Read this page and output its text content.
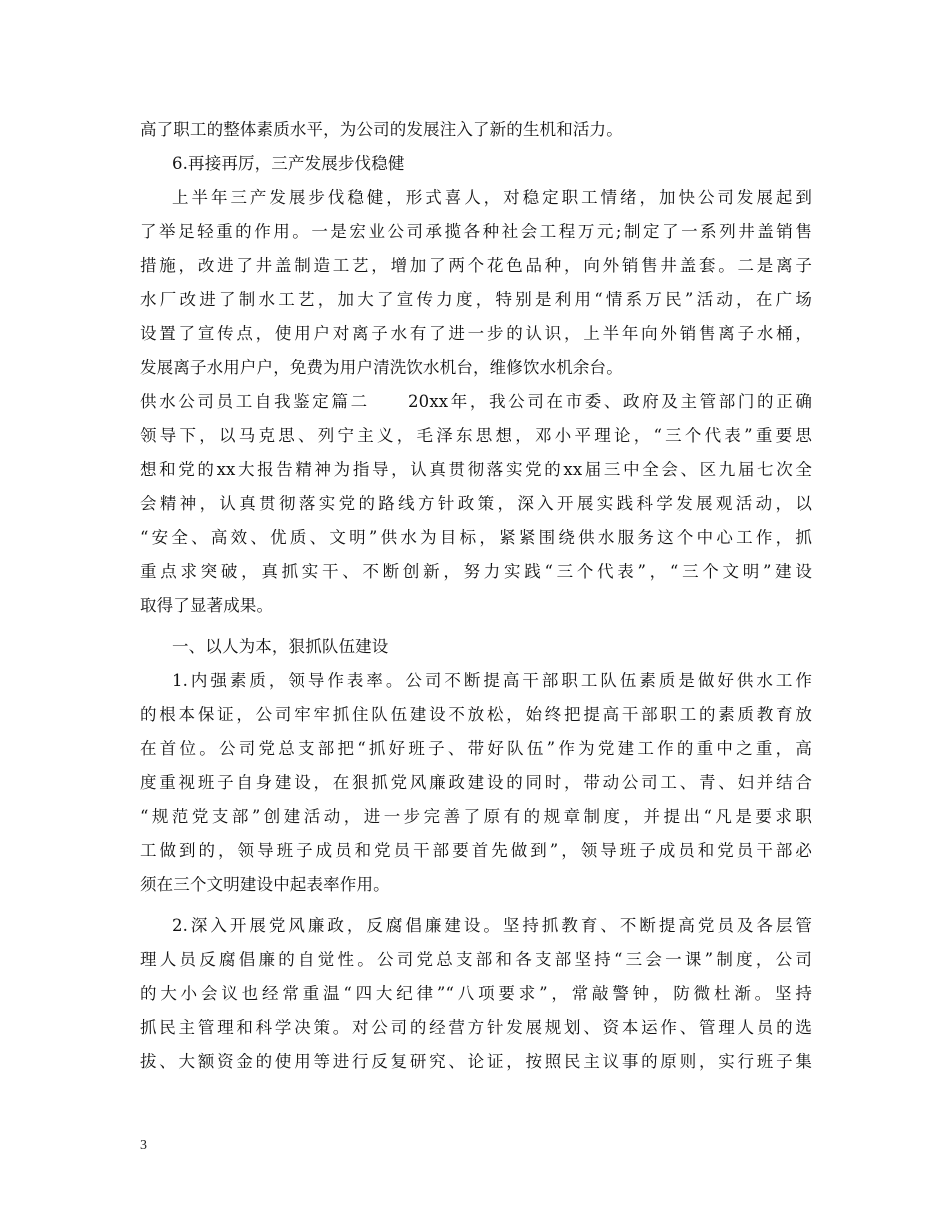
高了职工的整体素质水平，为公司的发展注入了新的生机和活力。
6.再接再厉，三产发展步伐稳健
上半年三产发展步伐稳健，形式喜人，对稳定职工情绪，加快公司发展起到
了举足轻重的作用。一是宏业公司承揽各种社会工程万元;制定了一系列井盖销售
措施，改进了井盖制造工艺，增加了两个花色品种，向外销售井盖套。二是离子
水厂改进了制水工艺，加大了宣传力度，特别是利用“情系万民”活动，在广场
设置了宣传点，使用户对离子水有了进一步的认识，上半年向外销售离子水桶，
发展离子水用户户，免费为用户清洗饮水机台，维修饮水机余台。
供水公司员工自我鉴定篇二　　20xx年，我公司在市委、政府及主管部门的正确
领导下，以马克思、列宁主义，毛泽东思想，邓小平理论，“三个代表”重要思
想和党的xx大报告精神为指导，认真贯彻落实党的xx届三中全会、区九届七次全
会精神，认真贯彻落实党的路线方针政策，深入开展实践科学发展观活动，以
“安全、高效、优质、文明”供水为目标，紧紧围绕供水服务这个中心工作，抓
重点求突破，真抓实干、不断创新，努力实践“三个代表”，“三个文明”建设
取得了显著成果。
一、以人为本，狠抓队伍建设
1.内强素质，领导作表率。公司不断提高干部职工队伍素质是做好供水工作
的根本保证，公司牢牢抓住队伍建设不放松，始终把提高干部职工的素质教育放
在首位。公司党总支部把“抓好班子、带好队伍”作为党建工作的重中之重，高
度重视班子自身建设，在狠抓党风廉政建设的同时，带动公司工、青、妇并结合
“规范党支部”创建活动，进一步完善了原有的规章制度，并提出“凡是要求职
工做到的，领导班子成员和党员干部要首先做到”，领导班子成员和党员干部必
须在三个文明建设中起表率作用。
2.深入开展党风廉政，反腐倡廉建设。坚持抓教育、不断提高党员及各层管
理人员反腐倡廉的自觉性。公司党总支部和各支部坚持“三会一课”制度，公司
的大小会议也经常重温“四大纪律”“八项要求”，常敲警钟，防微杜渐。坚持
抓民主管理和科学决策。对公司的经营方针发展规划、资本运作、管理人员的选
拔、大额资金的使用等进行反复研究、论证，按照民主议事的原则，实行班子集
3
